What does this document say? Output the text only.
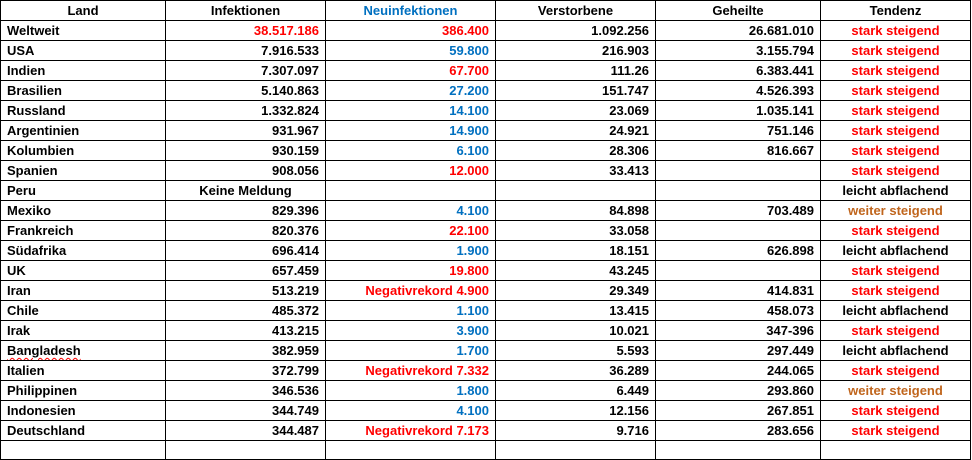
Land	Infektionen	Neuinfektionen	Verstorbene	Geheilte	Tendenz
Weltweit	38.517.186	386.400	1.092.256	26.681.010	stark steigend
USA	7.916.533	59.800	216.903	3.155.794	stark steigend
Indien	7.307.097	67.700	111.26	6.383.441	stark steigend
Brasilien	5.140.863	27.200	151.747	4.526.393	stark steigend
Russland	1.332.824	14.100	23.069	1.035.141	stark steigend
Argentinien	931.967	14.900	24.921	751.146	stark steigend
Kolumbien	930.159	6.100	28.306	816.667	stark steigend
Spanien	908.056	12.000	33.413		stark steigend
Peru	Keine Meldung				leicht abflachend
Mexiko	829.396	4.100	84.898	703.489	weiter steigend
Frankreich	820.376	22.100	33.058		stark steigend
Südafrika	696.414	1.900	18.151	626.898	leicht abflachend
UK	657.459	19.800	43.245		stark steigend
Iran	513.219	Negativrekord 4.900	29.349	414.831	stark steigend
Chile	485.372	1.100	13.415	458.073	leicht abflachend
Irak	413.215	3.900	10.021	347-396	stark steigend
Bangladesh	382.959	1.700	5.593	297.449	leicht abflachend
Italien	372.799	Negativrekord 7.332	36.289	244.065	stark steigend
Philippinen	346.536	1.800	6.449	293.860	weiter steigend
Indonesien	344.749	4.100	12.156	267.851	stark steigend
Deutschland	344.487	Negativrekord 7.173	9.716	283.656	stark steigend
